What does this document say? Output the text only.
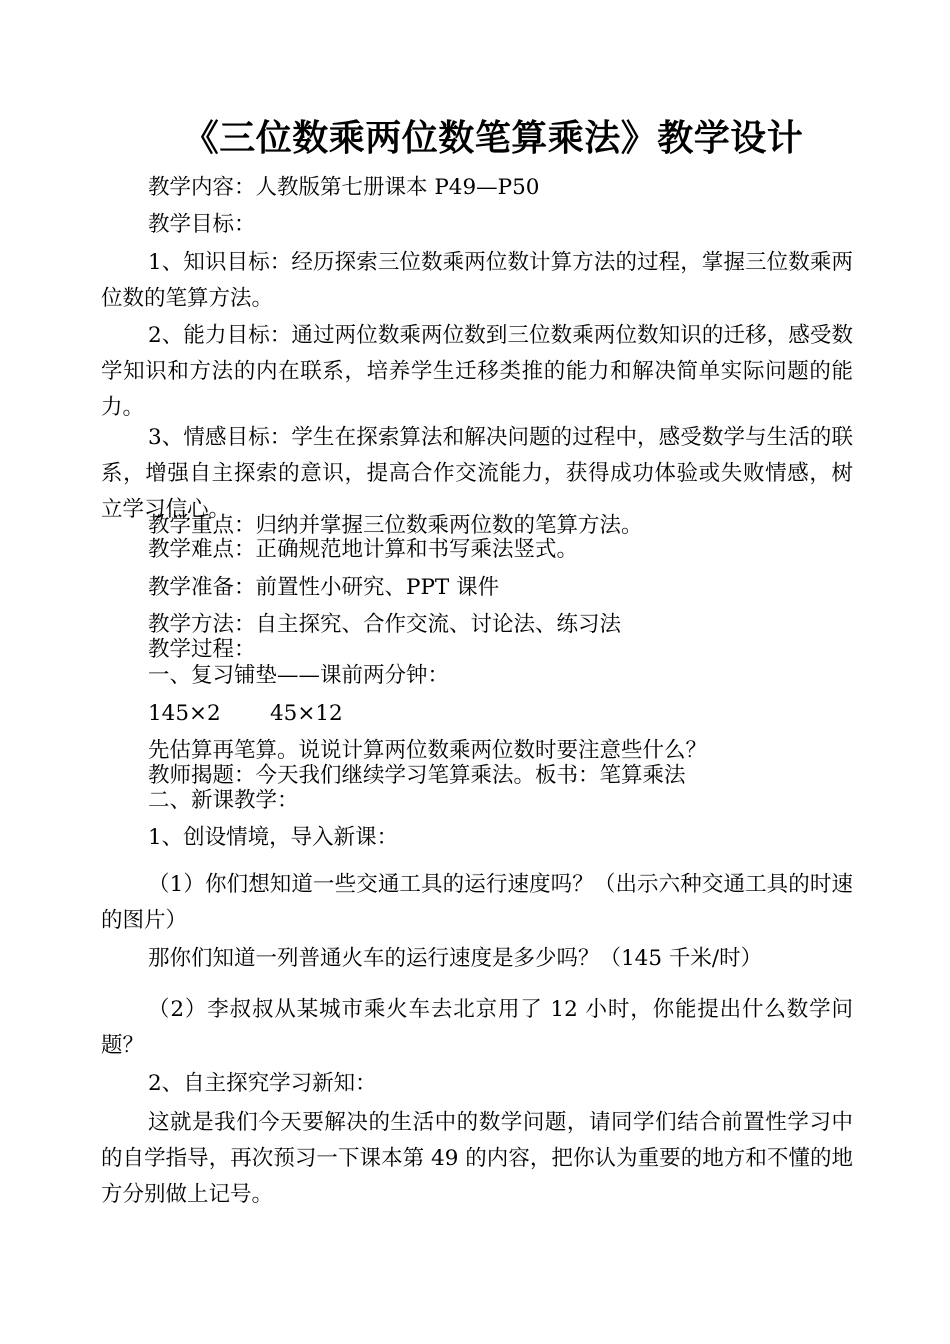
《三位数乘两位数笔算乘法》教学设计
教学内容：人教版第七册课本 P49—P50
教学目标：
1、知识目标：经历探索三位数乘两位数计算方法的过程，掌握三位数乘两位数的笔算方法。
2、能力目标：通过两位数乘两位数到三位数乘两位数知识的迁移，感受数学知识和方法的内在联系，培养学生迁移类推的能力和解决简单实际问题的能力。
3、情感目标：学生在探索算法和解决问题的过程中，感受数学与生活的联系，增强自主探索的意识，提高合作交流能力，获得成功体验或失败情感，树立学习信心。
教学重点：归纳并掌握三位数乘两位数的笔算方法。
教学难点：正确规范地计算和书写乘法竖式。
教学准备：前置性小研究、PPT 课件
教学方法：自主探究、合作交流、讨论法、练习法
教学过程：
一、复习铺垫——课前两分钟：
145×2 45×12
先估算再笔算。说说计算两位数乘两位数时要注意些什么？
教师揭题：今天我们继续学习笔算乘法。板书：笔算乘法
二、新课教学：
1、创设情境，导入新课：
（1）你们想知道一些交通工具的运行速度吗？（出示六种交通工具的时速的图片）
那你们知道一列普通火车的运行速度是多少吗？（145 千米/时）
（2）李叔叔从某城市乘火车去北京用了 12 小时，你能提出什么数学问题？
2、自主探究学习新知：
这就是我们今天要解决的生活中的数学问题，请同学们结合前置性学习中的自学指导，再次预习一下课本第 49 的内容，把你认为重要的地方和不懂的地方分别做上记号。
